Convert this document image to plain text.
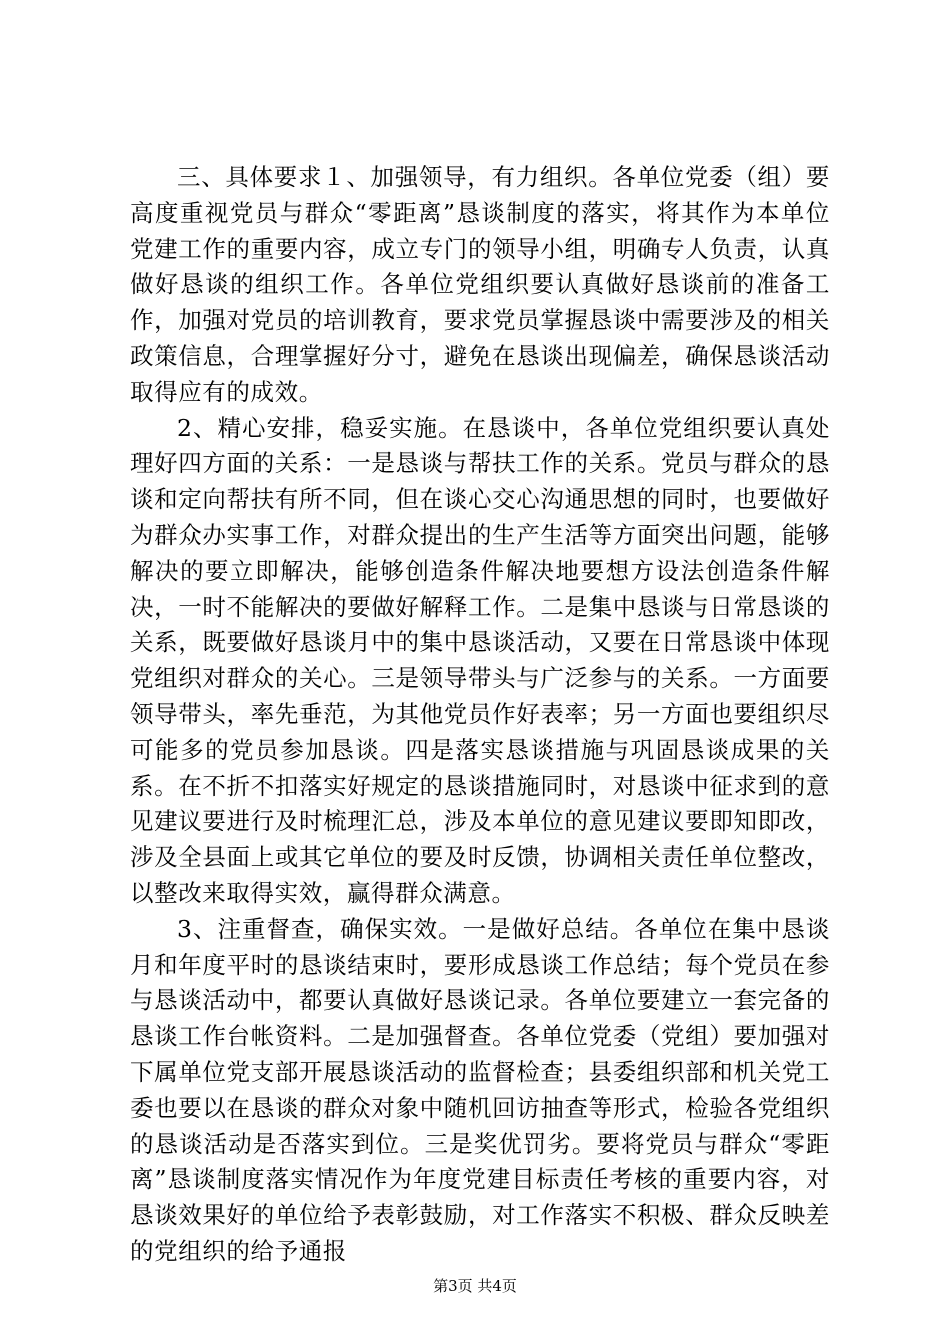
三、具体要求１、加强领导，有力组织。各单位党委（组）要高度重视党员与群众“零距离”恳谈制度的落实，将其作为本单位党建工作的重要内容，成立专门的领导小组，明确专人负责，认真做好恳谈的组织工作。各单位党组织要认真做好恳谈前的准备工作，加强对党员的培训教育，要求党员掌握恳谈中需要涉及的相关政策信息，合理掌握好分寸，避免在恳谈出现偏差，确保恳谈活动取得应有的成效。

2、精心安排，稳妥实施。在恳谈中，各单位党组织要认真处理好四方面的关系：一是恳谈与帮扶工作的关系。党员与群众的恳谈和定向帮扶有所不同，但在谈心交心沟通思想的同时，也要做好为群众办实事工作，对群众提出的生产生活等方面突出问题，能够解决的要立即解决，能够创造条件解决地要想方设法创造条件解决，一时不能解决的要做好解释工作。二是集中恳谈与日常恳谈的关系，既要做好恳谈月中的集中恳谈活动，又要在日常恳谈中体现党组织对群众的关心。三是领导带头与广泛参与的关系。一方面要领导带头，率先垂范，为其他党员作好表率；另一方面也要组织尽可能多的党员参加恳谈。四是落实恳谈措施与巩固恳谈成果的关系。在不折不扣落实好规定的恳谈措施同时，对恳谈中征求到的意见建议要进行及时梳理汇总，涉及本单位的意见建议要即知即改，涉及全县面上或其它单位的要及时反馈，协调相关责任单位整改，以整改来取得实效，赢得群众满意。

3、注重督查，确保实效。一是做好总结。各单位在集中恳谈月和年度平时的恳谈结束时，要形成恳谈工作总结；每个党员在参与恳谈活动中，都要认真做好恳谈记录。各单位要建立一套完备的恳谈工作台帐资料。二是加强督查。各单位党委（党组）要加强对下属单位党支部开展恳谈活动的监督检查；县委组织部和机关党工委也要以在恳谈的群众对象中随机回访抽查等形式，检验各党组织的恳谈活动是否落实到位。三是奖优罚劣。要将党员与群众“零距离”恳谈制度落实情况作为年度党建目标责任考核的重要内容，对恳谈效果好的单位给予表彰鼓励，对工作落实不积极、群众反映差的党组织的给予通报

第3页 共4页
